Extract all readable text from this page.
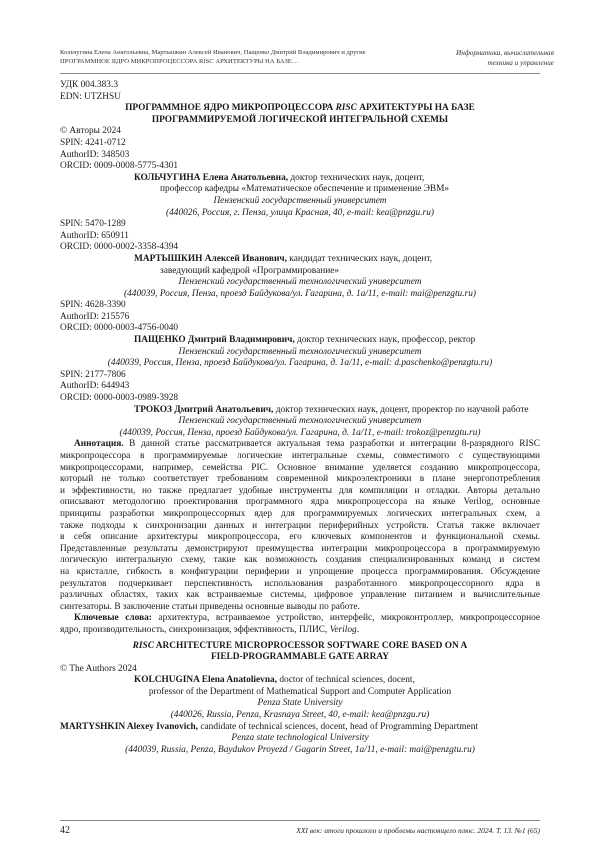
Кольчугина Елена Анатольевна, Мартышкин Алексей Иванович, Пащенко Дмитрий Владимирович и другие
ПРОГРАММНОЕ ЯДРО МИКРОПРОЦЕССОРА RISC АРХИТЕКТУРЫ НА БАЗЕ…
Информатика, вычислительная
техника и управление
УДК 004.383.3
EDN: UTZHSU
ПРОГРАММНОЕ ЯДРО МИКРОПРОЦЕССОРА RISC АРХИТЕКТУРЫ НА БАЗЕ
ПРОГРАММИРУЕМОЙ ЛОГИЧЕСКОЙ ИНТЕГРАЛЬНОЙ СХЕМЫ
© Авторы 2024
SPIN: 4241-0712
AuthorID: 348503
ORCID: 0009-0008-5775-4301
КОЛЬЧУГИНА Елена Анатольевна, доктор технических наук, доцент,
профессор кафедры «Математическое обеспечение и применение ЭВМ»
Пензенский государственный университет
(440026, Россия, г. Пенза, улица Красная, 40, e-mail: kea@pnzgu.ru)
SPIN: 5470-1289
AuthorID: 650911
ORCID: 0000-0002-3358-4394
МАРТЫШКИН Алексей Иванович, кандидат технических наук, доцент,
заведующий кафедрой «Программирование»
Пензенский государственный технологический университет
(440039, Россия, Пенза, проезд Байдукова/ул. Гагарина, д. 1а/11, e-mail: mai@penzgtu.ru)
SPIN: 4628-3390
AuthorID: 215576
ORCID: 0000-0003-4756-0040
ПАЩЕНКО Дмитрий Владимирович, доктор технических наук, профессор, ректор
Пензенский государственный технологический университет
(440039, Россия, Пенза, проезд Байдукова/ул. Гагарина, д. 1а/11, e-mail: d.paschenko@penzgtu.ru)
SPIN: 2177-7806
AuthorID: 644943
ORCID: 0000-0003-0989-3928
ТРОКОЗ Дмитрий Анатольевич, доктор технических наук, доцент, проректор по научной работе
Пензенский государственный технологический университет
(440039, Россия, Пенза, проезд Байдукова/ул. Гагарина, д. 1а/11, e-mail: trokoz@penzgtu.ru)
Аннотация. В данной статье рассматривается актуальная тема разработки и интеграции 8-разрядного RISC
микропроцессора в программируемые логические интегральные схемы, совместимого с существующими
микропроцессорами, например, семейства PIC. Основное внимание уделяется созданию микропроцессора,
который не только соответствует требованиям современной микроэлектроники в плане энергопотребления
и эффективности, но также предлагает удобные инструменты для компиляции и отладки. Авторы детально
описывают методологию проектирования программного ядра микропроцессора на языке Verilog, основные
принципы разработки микропроцессорных ядер для программируемых логических интегральных схем, а
также подходы к синхронизации данных и интеграции периферийных устройств. Статья также включает
в себя описание архитектуры микропроцессора, его ключевых компонентов и функциональной схемы.
Представленные результаты демонстрируют преимущества интеграции микропроцессора в программируемую
логическую интегральную схему, такие как возможность создания специализированных команд и систем
на кристалле, гибкость в конфигурации периферии и упрощение процесса программирования. Обсуждение
результатов подчеркивает перспективность использования разработанного микропроцессорного ядра в
различных областях, таких как встраиваемые системы, цифровое управление питанием и вычислительные
синтезаторы. В заключение статьи приведены основные выводы по работе.
Ключевые слова: архитектура, встраиваемое устройство, интерфейс, микроконтроллер, микропроцессорное
ядро, производительность, синхронизация, эффективность, ПЛИС, Verilog.
RISC ARCHITECTURE MICROPROCESSOR SOFTWARE CORE BASED ON A
FIELD-PROGRAMMABLE GATE ARRAY
© The Authors 2024
KOLCHUGINA Elena Anatolievna, doctor of technical sciences, docent,
professor of the Department of Mathematical Support and Computer Application
Penza State University
(440026, Russia, Penza, Krasnaya Street, 40, e-mail: kea@pnzgu.ru)
MARTYSHKIN Alexey Ivanovich, candidate of technical sciences, docent, head of Programming Department
Penza state technological University
(440039, Russia, Penza, Baydukov Proyezd / Gagarin Street, 1a/11, e-mail: mai@penzgtu.ru)
42	XXI век: итоги прошлого и проблемы настоящего плюс. 2024. Т. 13. №1 (65)
